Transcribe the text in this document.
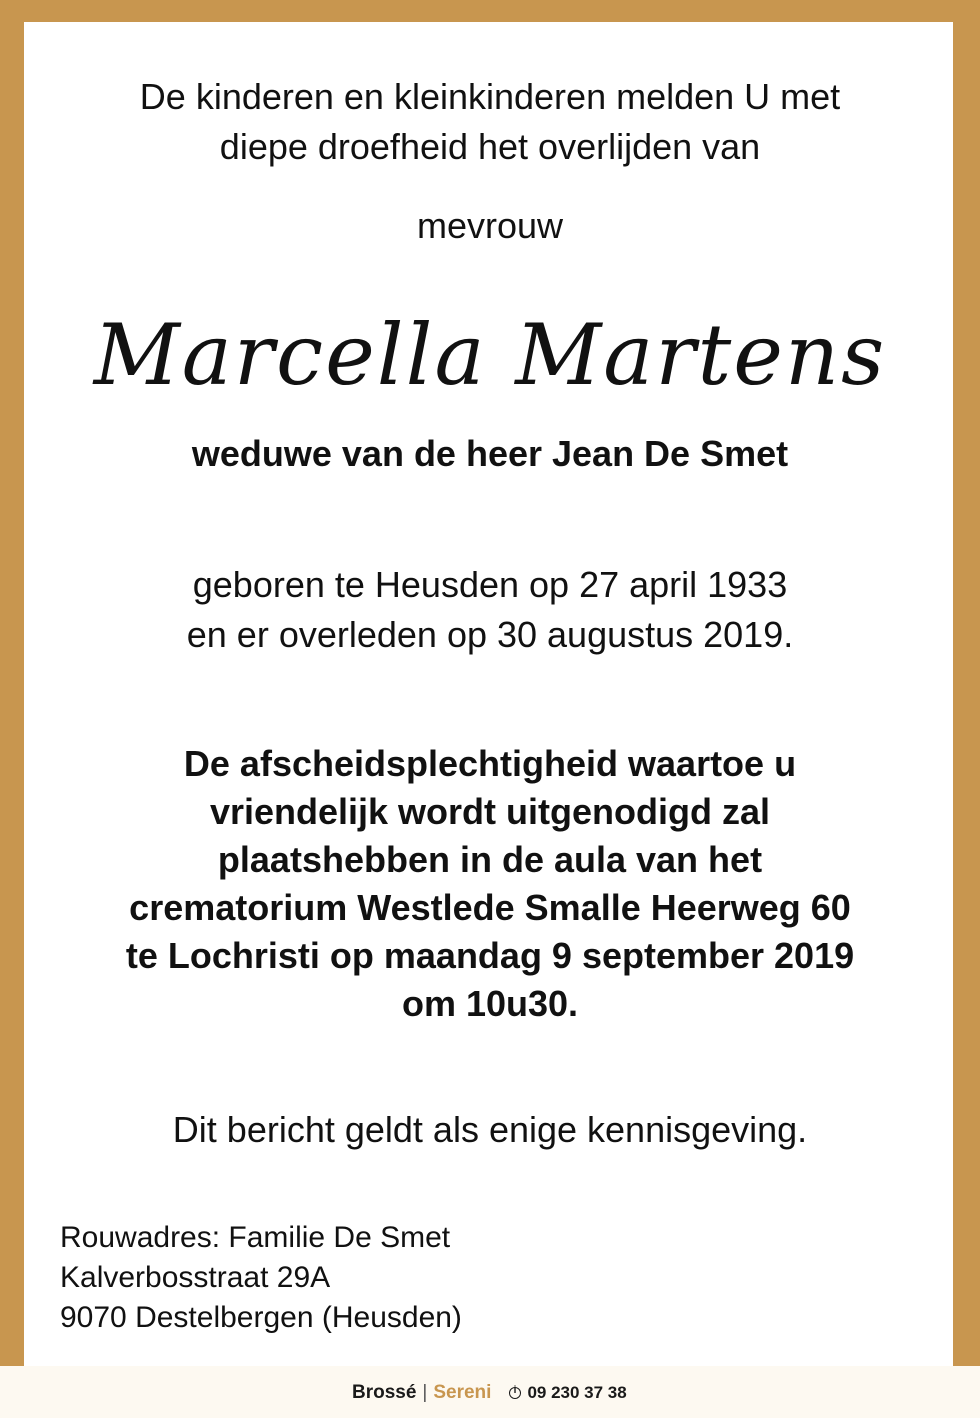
De kinderen en kleinkinderen melden U met
diepe droefheid het overlijden van
mevrouw
Marcella Martens
weduwe van de heer Jean De Smet
geboren te Heusden op 27 april 1933
en er overleden op 30 augustus 2019.
De afscheidsplechtigheid waartoe u
vriendelijk wordt uitgenodigd zal
plaatshebben in de aula van het
crematorium Westlede Smalle Heerweg 60
te Lochristi op maandag 9 september 2019
om 10u30.
Dit bericht geldt als enige kennisgeving.
Rouwadres: Familie De Smet
Kalverbosstraat 29A
9070 Destelbergen (Heusden)
Brossé | Sereni
i 09 230 37 38
